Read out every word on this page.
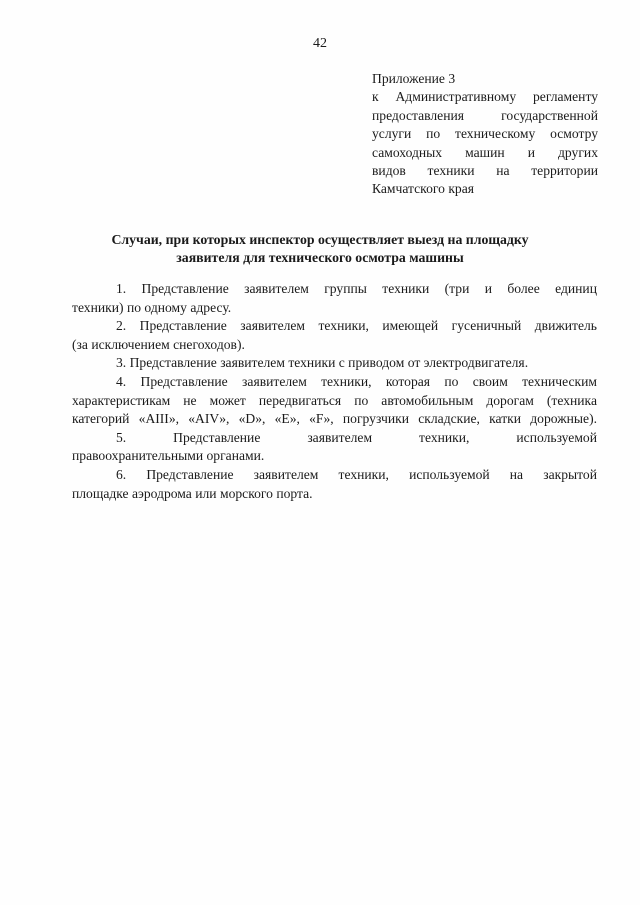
42
Приложение 3
к Административному регламенту
предоставления государственной
услуги по техническому осмотру
самоходных машин и других
видов техники на территории
Камчатского края
Случаи, при которых инспектор осуществляет выезд на площадку
заявителя для технического осмотра машины
1. Представление заявителем группы техники (три и более единиц
техники) по одному адресу.
2. Представление заявителем техники, имеющей гусеничный движитель
(за исключением снегоходов).
3. Представление заявителем техники с приводом от электродвигателя.
4. Представление заявителем техники, которая по своим техническим
характеристикам не может передвигаться по автомобильным дорогам (техника
категорий «АIII», «АIV», «D», «E», «F», погрузчики складские, катки дорожные).
5. Представление заявителем техники, используемой
правоохранительными органами.
6. Представление заявителем техники, используемой на закрытой
площадке аэродрома или морского порта.
